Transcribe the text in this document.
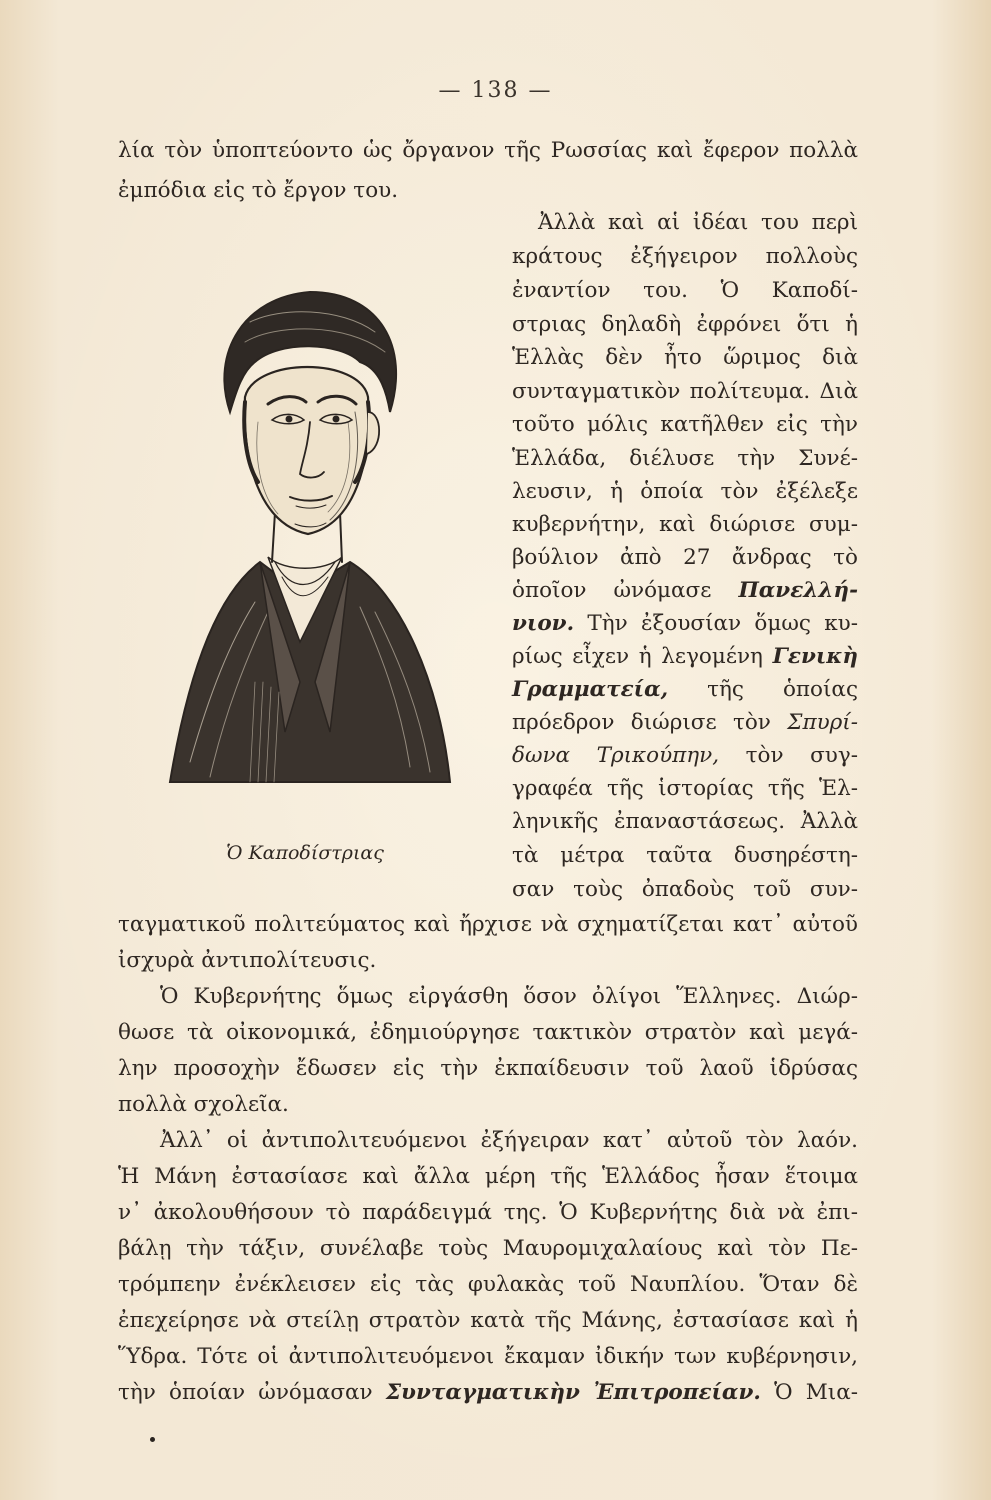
— 138 —
λία τὸν ὑποπτεύοντο ὡς ὄργανον τῆς Ρωσσίας καὶ ἔφερον πολλὰ
ἐμπόδια εἰς τὸ ἔργον του.
Ἀλλὰ καὶ αἱ ἰδέαι του περὶ
κράτους ἐξήγειρον πολλοὺς
ἐναντίον του. Ὁ Καποδί-
στριας δηλαδὴ ἐφρόνει ὅτι ἡ
Ἑλλὰς δὲν ἦτο ὥριμος διὰ
συνταγματικὸν πολίτευμα. Διὰ
τοῦτο μόλις κατῆλθεν εἰς τὴν
Ἑλλάδα, διέλυσε τὴν Συνέ-
λευσιν, ἡ ὁποία τὸν ἐξέλεξε
κυβερνήτην, καὶ διώρισε συμ-
βούλιον ἀπὸ 27 ἄνδρας τὸ
ὁποῖον ὠνόμασε Πανελλή-
νιον. Τὴν ἐξουσίαν ὅμως κυ-
ρίως εἶχεν ἡ λεγομένη Γενικὴ
Γραμματεία, τῆς ὁποίας
πρόεδρον διώρισε τὸν Σπυρί-
δωνα Τρικούπην, τὸν συγ-
γραφέα τῆς ἱστορίας τῆς Ἑλ-
ληνικῆς ἐπαναστάσεως. Ἀλλὰ
τὰ μέτρα ταῦτα δυσηρέστη-
σαν τοὺς ὀπαδοὺς τοῦ συν-
ταγματικοῦ πολιτεύματος καὶ ἤρχισε νὰ σχηματίζεται κατ᾽ αὐτοῦ
ἰσχυρὰ ἀντιπολίτευσις.
Ὁ Κυβερνήτης ὅμως εἰργάσθη ὅσον ὀλίγοι Ἕλληνες. Διώρ-
θωσε τὰ οἰκονομικά, ἐδημιούργησε τακτικὸν στρατὸν καὶ μεγά-
λην προσοχὴν ἔδωσεν εἰς τὴν ἐκπαίδευσιν τοῦ λαοῦ ἱδρύσας
πολλὰ σχολεῖα.
Ἀλλ᾽ οἱ ἀντιπολιτευόμενοι ἐξήγειραν κατ᾽ αὐτοῦ τὸν λαόν.
Ἡ Μάνη ἐστασίασε καὶ ἄλλα μέρη τῆς Ἑλλάδος ἦσαν ἕτοιμα
ν᾽ ἀκολουθήσουν τὸ παράδειγμά της. Ὁ Κυβερνήτης διὰ νὰ ἐπι-
βάλῃ τὴν τάξιν, συνέλαβε τοὺς Μαυρομιχαλαίους καὶ τὸν Πε-
τρόμπεην ἐνέκλεισεν εἰς τὰς φυλακὰς τοῦ Ναυπλίου. Ὅταν δὲ
ἐπεχείρησε νὰ στείλῃ στρατὸν κατὰ τῆς Μάνης, ἐστασίασε καὶ ἡ
Ὕδρα. Τότε οἱ ἀντιπολιτευόμενοι ἔκαμαν ἰδικήν των κυβέρνησιν,
τὴν ὁποίαν ὠνόμασαν Συνταγματικὴν Ἐπιτροπείαν. Ὁ Μια-
Ὁ Καποδίστριας
